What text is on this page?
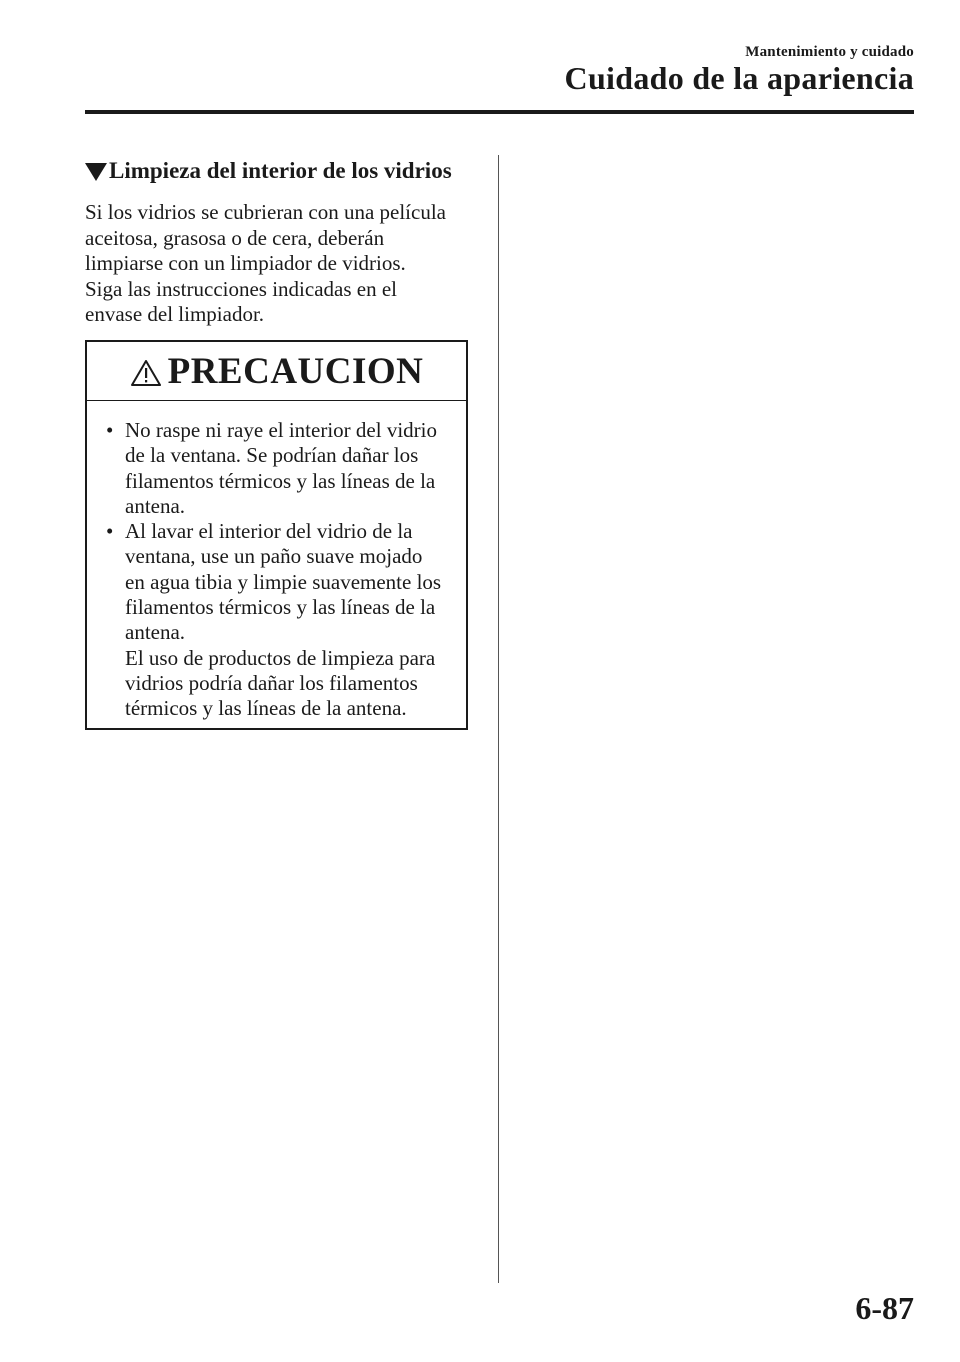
Mantenimiento y cuidado
Cuidado de la apariencia
Limpieza del interior de los vidrios
Si los vidrios se cubrieran con una película
aceitosa, grasosa o de cera, deberán
limpiarse con un limpiador de vidrios.
Siga las instrucciones indicadas en el
envase del limpiador.
PRECAUCION
• No raspe ni raye el interior del vidrio
de la ventana. Se podrían dañar los
filamentos térmicos y las líneas de la
antena.
• Al lavar el interior del vidrio de la
ventana, use un paño suave mojado
en agua tibia y limpie suavemente los
filamentos térmicos y las líneas de la
antena.
El uso de productos de limpieza para
vidrios podría dañar los filamentos
térmicos y las líneas de la antena.
6-87
